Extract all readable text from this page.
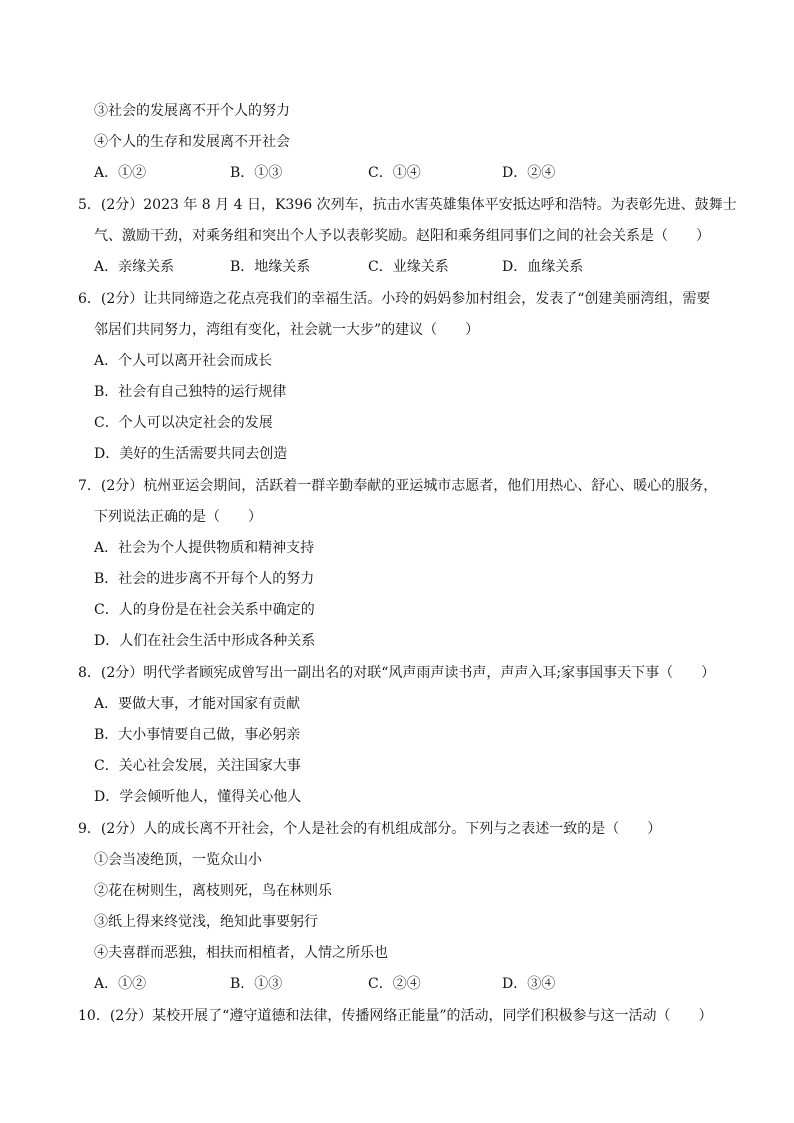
③社会的发展离不开个人的努力
④个人的生存和发展离不开社会
A．①②	B．①③	C．①④	D．②④
5．(2分）2023 年 8 月 4 日，K396 次列车，抗击水害英雄集体平安抵达呼和浩特。为表彰先进、鼓舞士
气、激励干劲，对乘务组和突出个人予以表彰奖励。赵阳和乘务组同事们之间的社会关系是（　　）
A．亲缘关系	B．地缘关系	C．业缘关系	D．血缘关系
6．(2分）让共同缔造之花点亮我们的幸福生活。小玲的妈妈参加村组会，发表了“创建美丽湾组，需要
邻居们共同努力，湾组有变化，社会就一大步”的建议（　　）
A．个人可以离开社会而成长
B．社会有自己独特的运行规律
C．个人可以决定社会的发展
D．美好的生活需要共同去创造
7．(2分）杭州亚运会期间，活跃着一群辛勤奉献的亚运城市志愿者，他们用热心、舒心、暖心的服务，
下列说法正确的是（　　）
A．社会为个人提供物质和精神支持
B．社会的进步离不开每个人的努力
C．人的身份是在社会关系中确定的
D．人们在社会生活中形成各种关系
8．(2分）明代学者顾宪成曾写出一副出名的对联“风声雨声读书声，声声入耳;家事国事天下事（　　）
A．要做大事，才能对国家有贡献
B．大小事情要自己做，事必躬亲
C．关心社会发展，关注国家大事
D．学会倾听他人，懂得关心他人
9．(2分）人的成长离不开社会，个人是社会的有机组成部分。下列与之表述一致的是（　　）
①会当凌绝顶，一览众山小
②花在树则生，离枝则死，鸟在林则乐
③纸上得来终觉浅，绝知此事要躬行
④夫喜群而恶独，相扶而相植者，人情之所乐也
A．①②	B．①③	C．②④	D．③④
10．(2分）某校开展了“遵守道德和法律，传播网络正能量”的活动，同学们积极参与这一活动（　　）
